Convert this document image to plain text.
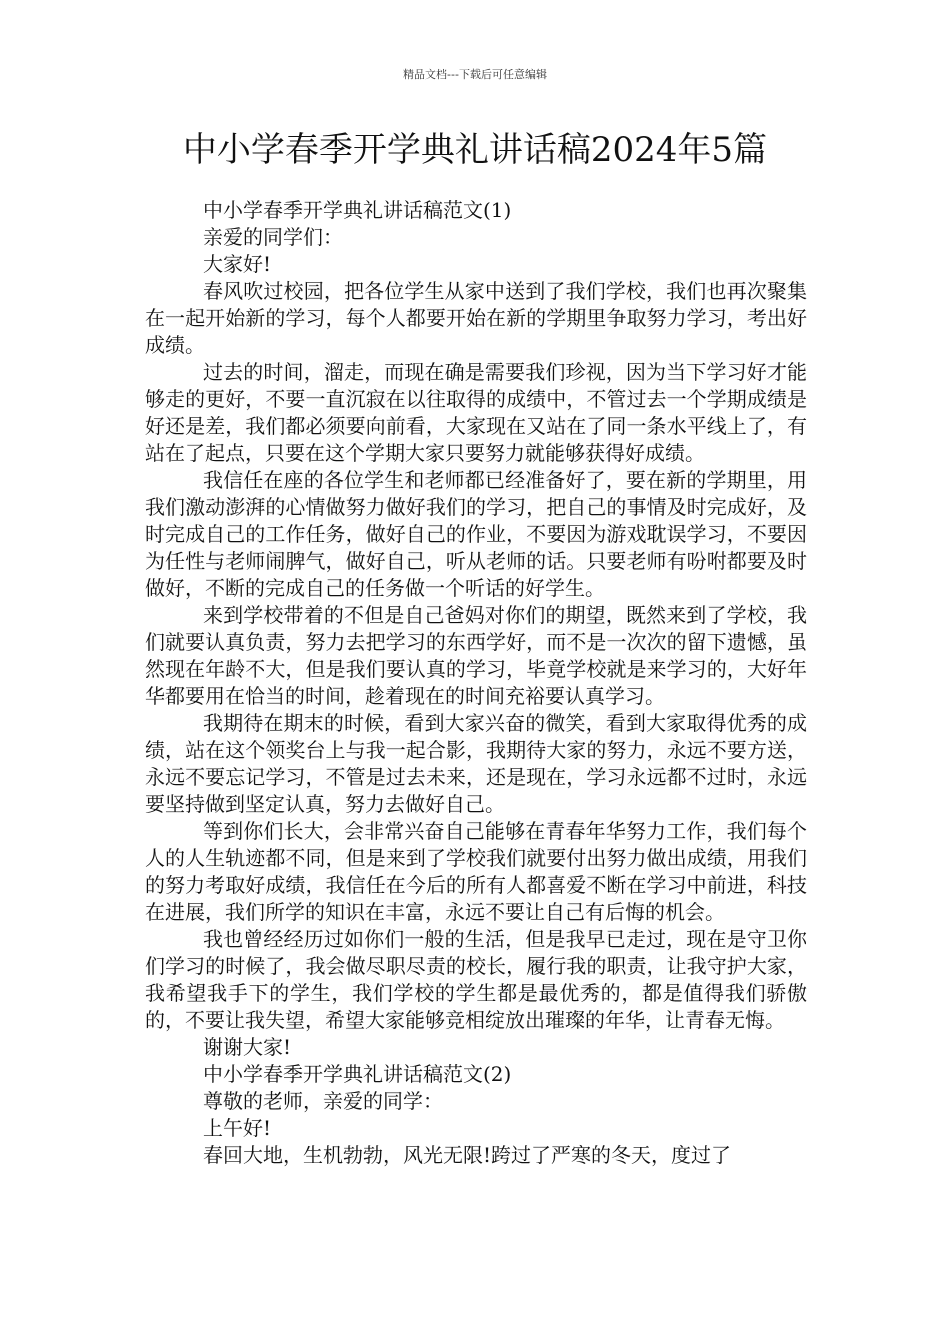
精品文档---下载后可任意编辑
中小学春季开学典礼讲话稿2024年5篇

中小学春季开学典礼讲话稿范文(1)

亲爱的同学们：

大家好!

春风吹过校园，把各位学生从家中送到了我们学校，我们也再次聚集在一起开始新的学习，每个人都要开始在新的学期里争取努力学习，考出好成绩。

过去的时间，溜走，而现在确是需要我们珍视，因为当下学习好才能够走的更好，不要一直沉寂在以往取得的成绩中，不管过去一个学期成绩是好还是差，我们都必须要向前看，大家现在又站在了同一条水平线上了，有站在了起点，只要在这个学期大家只要努力就能够获得好成绩。

我信任在座的各位学生和老师都已经准备好了，要在新的学期里，用我们激动澎湃的心情做努力做好我们的学习，把自己的事情及时完成好，及时完成自己的工作任务，做好自己的作业，不要因为游戏耽误学习，不要因为任性与老师闹脾气，做好自己，听从老师的话。只要老师有吩咐都要及时做好，不断的完成自己的任务做一个听话的好学生。

来到学校带着的不但是自己爸妈对你们的期望，既然来到了学校，我们就要认真负责，努力去把学习的东西学好，而不是一次次的留下遗憾，虽然现在年龄不大，但是我们要认真的学习，毕竟学校就是来学习的，大好年华都要用在恰当的时间，趁着现在的时间充裕要认真学习。

我期待在期末的时候，看到大家兴奋的微笑，看到大家取得优秀的成绩，站在这个领奖台上与我一起合影，我期待大家的努力，永远不要方送，永远不要忘记学习，不管是过去未来，还是现在，学习永远都不过时，永远要坚持做到坚定认真，努力去做好自己。

等到你们长大，会非常兴奋自己能够在青春年华努力工作，我们每个人的人生轨迹都不同，但是来到了学校我们就要付出努力做出成绩，用我们的努力考取好成绩，我信任在今后的所有人都喜爱不断在学习中前进，科技在进展，我们所学的知识在丰富，永远不要让自己有后悔的机会。

我也曾经经历过如你们一般的生活，但是我早已走过，现在是守卫你们学习的时候了，我会做尽职尽责的校长，履行我的职责，让我守护大家，我希望我手下的学生，我们学校的学生都是最优秀的，都是值得我们骄傲的，不要让我失望，希望大家能够竞相绽放出璀璨的年华，让青春无悔。

谢谢大家!

中小学春季开学典礼讲话稿范文(2)

尊敬的老师，亲爱的同学：

上午好!

春回大地，生机勃勃，风光无限!跨过了严寒的冬天，度过了
